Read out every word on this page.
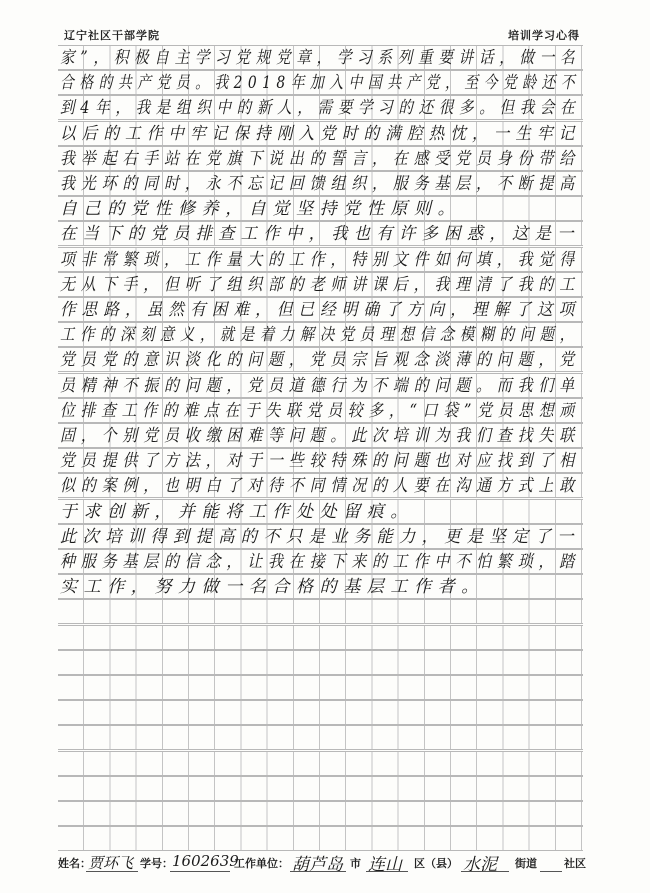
辽宁社区干部学院	培训学习心得
家”，积极自主学习党规党章，学习系列重要讲话，做一名
合格的共产党员。我2018年加入中国共产党，至今党龄还不
到4年，我是组织中的新人，需要学习的还很多。但我会在
以后的工作中牢记保持刚入党时的满腔热忱，一生牢记
我举起右手站在党旗下说出的誓言，在感受党员身份带给
我光环的同时，永不忘记回馈组织，服务基层，不断提高
自己的党性修养，自觉坚持党性原则。
在当下的党员排查工作中，我也有许多困惑，这是一
项非常繁琐，工作量大的工作，特别文件如何填，我觉得
无从下手，但听了组织部的老师讲课后，我理清了我的工
作思路，虽然有困难，但已经明确了方向，理解了这项
工作的深刻意义，就是着力解决党员理想信念模糊的问题，
党员党的意识淡化的问题，党员宗旨观念淡薄的问题，党
员精神不振的问题，党员道德行为不端的问题。而我们单
位排查工作的难点在于失联党员较多，“口袋”党员思想顽
固，个别党员收缴困难等问题。此次培训为我们查找失联
党员提供了方法，对于一些较特殊的问题也对应找到了相
似的案例，也明白了对待不同情况的人要在沟通方式上敢
于求创新，并能将工作处处留痕。
此次培训得到提高的不只是业务能力，更是坚定了一
种服务基层的信念，让我在接下来的工作中不怕繁琐，踏
实工作，努力做一名合格的基层工作者。
姓名：
贾环飞 学号： 1602639
工作单位： 葫芦岛 市 连山 区（县） 水泥 街道 社区
